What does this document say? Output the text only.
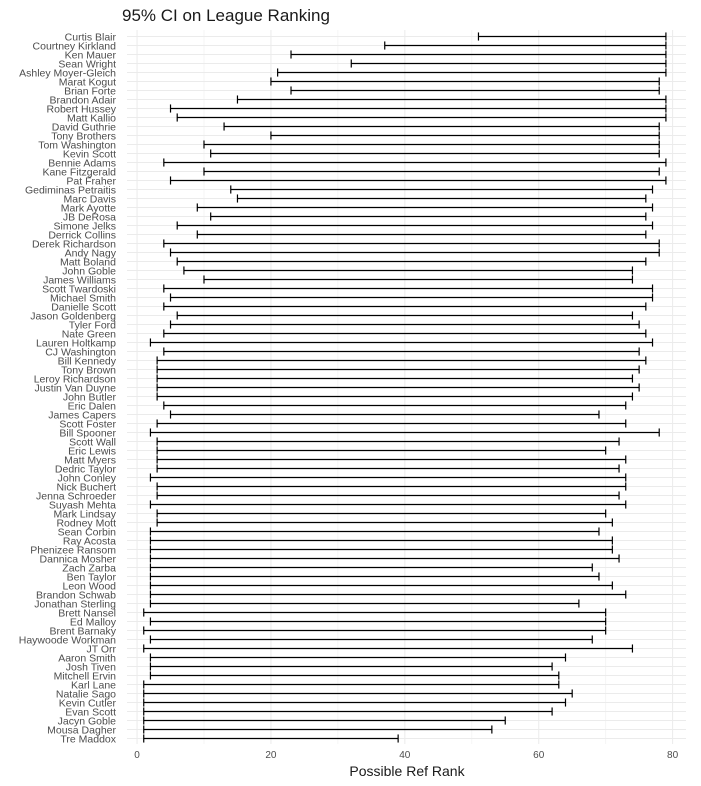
95% CI on League Ranking
Curtis Blair
Courtney Kirkland
Ken Mauer
Sean Wright
Ashley Moyer-Gleich
Marat Kogut
Brian Forte
Brandon Adair
Robert Hussey
Matt Kallio
David Guthrie
Tony Brothers
Tom Washington
Kevin Scott
Bennie Adams
Kane Fitzgerald
Pat Fraher
Gediminas Petraitis
Marc Davis
Mark Ayotte
JB DeRosa
Simone Jelks
Derrick Collins
Derek Richardson
Andy Nagy
Matt Boland
John Goble
James Williams
Scott Twardoski
Michael Smith
Danielle Scott
Jason Goldenberg
Tyler Ford
Nate Green
Lauren Holtkamp
CJ Washington
Bill Kennedy
Tony Brown
Leroy Richardson
Justin Van Duyne
John Butler
Eric Dalen
James Capers
Scott Foster
Bill Spooner
Scott Wall
Eric Lewis
Matt Myers
Dedric Taylor
John Conley
Nick Buchert
Jenna Schroeder
Suyash Mehta
Mark Lindsay
Rodney Mott
Sean Corbin
Ray Acosta
Phenizee Ransom
Dannica Mosher
Zach Zarba
Ben Taylor
Leon Wood
Brandon Schwab
Jonathan Sterling
Brett Nansel
Ed Malloy
Brent Barnaky
Haywoode Workman
JT Orr
Aaron Smith
Josh Tiven
Mitchell Ervin
Karl Lane
Natalie Sago
Kevin Cutler
Evan Scott
Jacyn Goble
Mousa Dagher
Tre Maddox
0	20	40	60	80
Possible Ref Rank
